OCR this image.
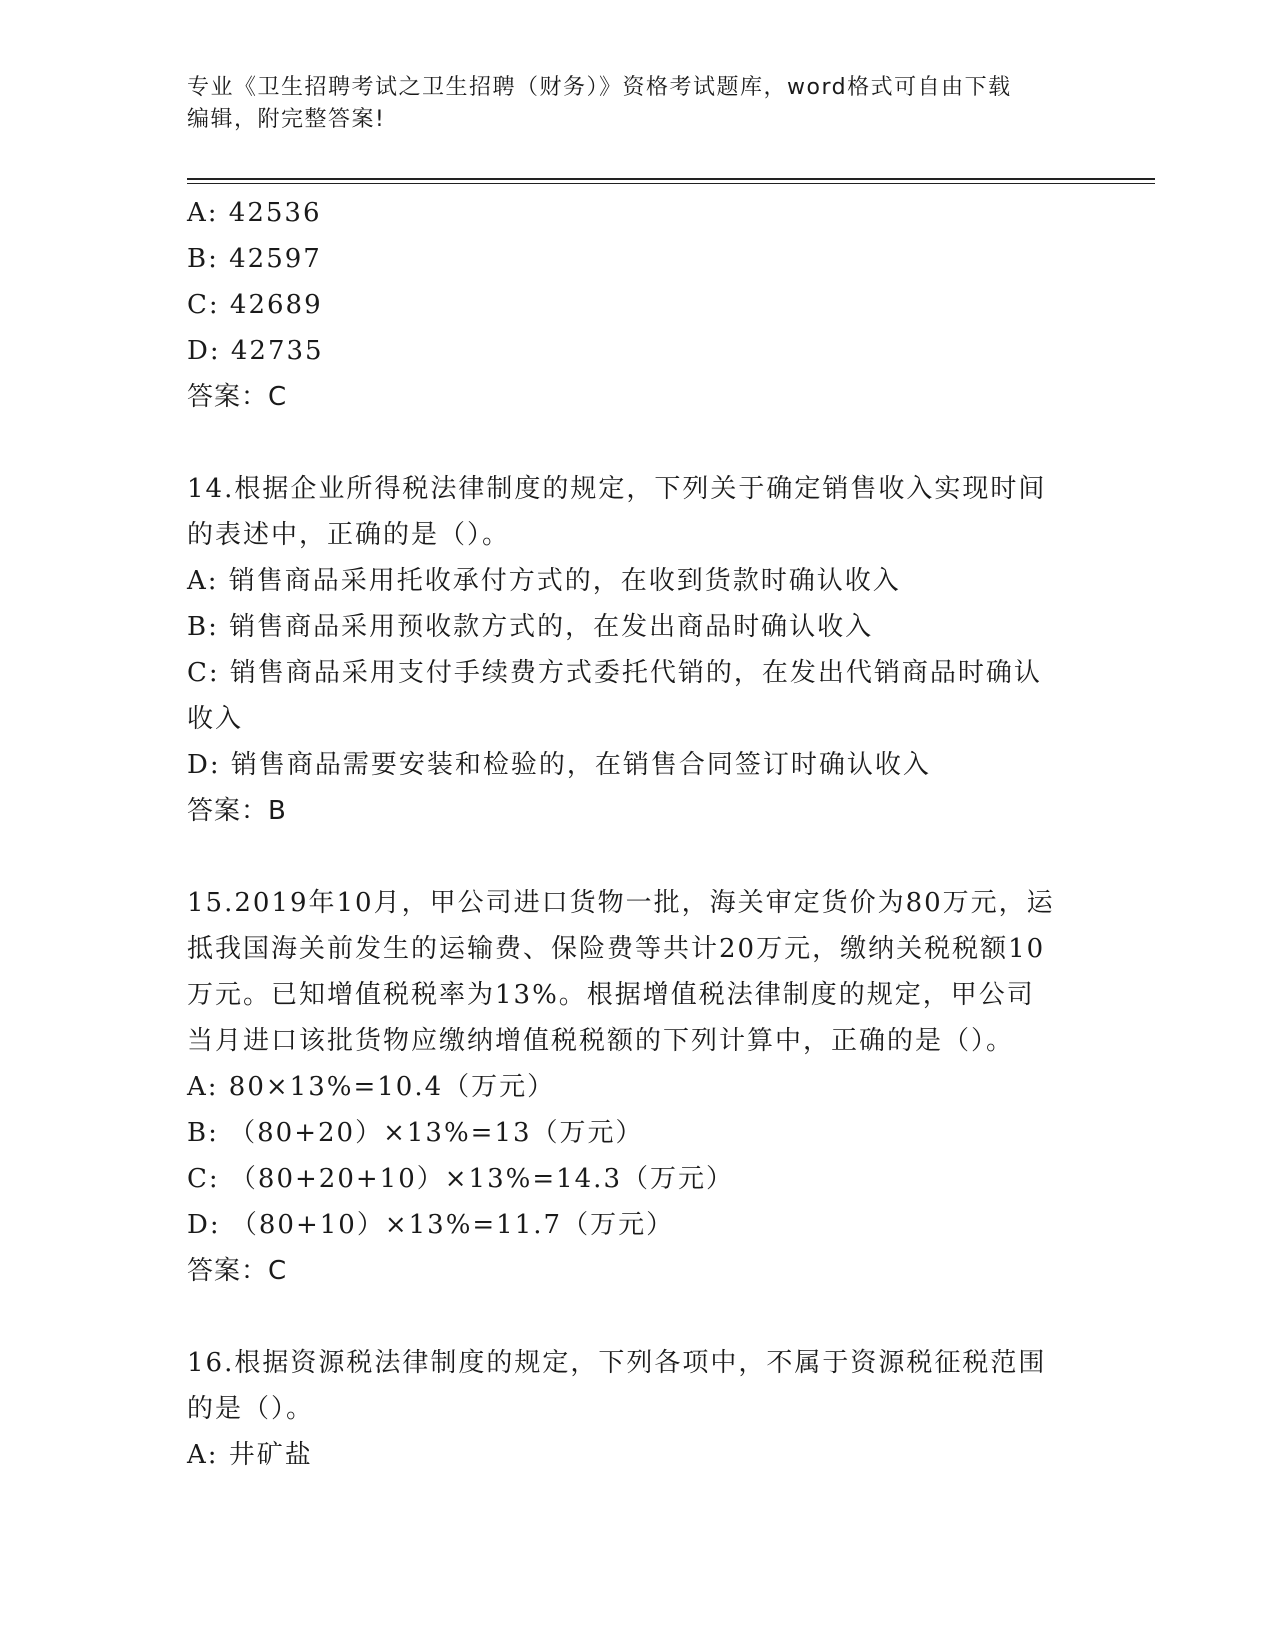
专业《卫生招聘考试之卫生招聘（财务）》资格考试题库，word格式可自由下载
编辑，附完整答案!
A: 42536
B: 42597
C: 42689
D: 42735
答案：C
14.根据企业所得税法律制度的规定，下列关于确定销售收入实现时间
的表述中，正确的是（）。
A: 销售商品采用托收承付方式的，在收到货款时确认收入
B: 销售商品采用预收款方式的，在发出商品时确认收入
C: 销售商品采用支付手续费方式委托代销的，在发出代销商品时确认
收入
D: 销售商品需要安装和检验的，在销售合同签订时确认收入
答案：B
15.2019年10月，甲公司进口货物一批，海关审定货价为80万元，运
抵我国海关前发生的运输费、保险费等共计20万元，缴纳关税税额10
万元。已知增值税税率为13%。根据增值税法律制度的规定，甲公司
当月进口该批货物应缴纳增值税税额的下列计算中，正确的是（）。
A: 80×13%=10.4（万元）
B: （80+20）×13%=13（万元）
C: （80+20+10）×13%=14.3（万元）
D: （80+10）×13%=11.7（万元）
答案：C
16.根据资源税法律制度的规定，下列各项中，不属于资源税征税范围
的是（）。
A: 井矿盐
